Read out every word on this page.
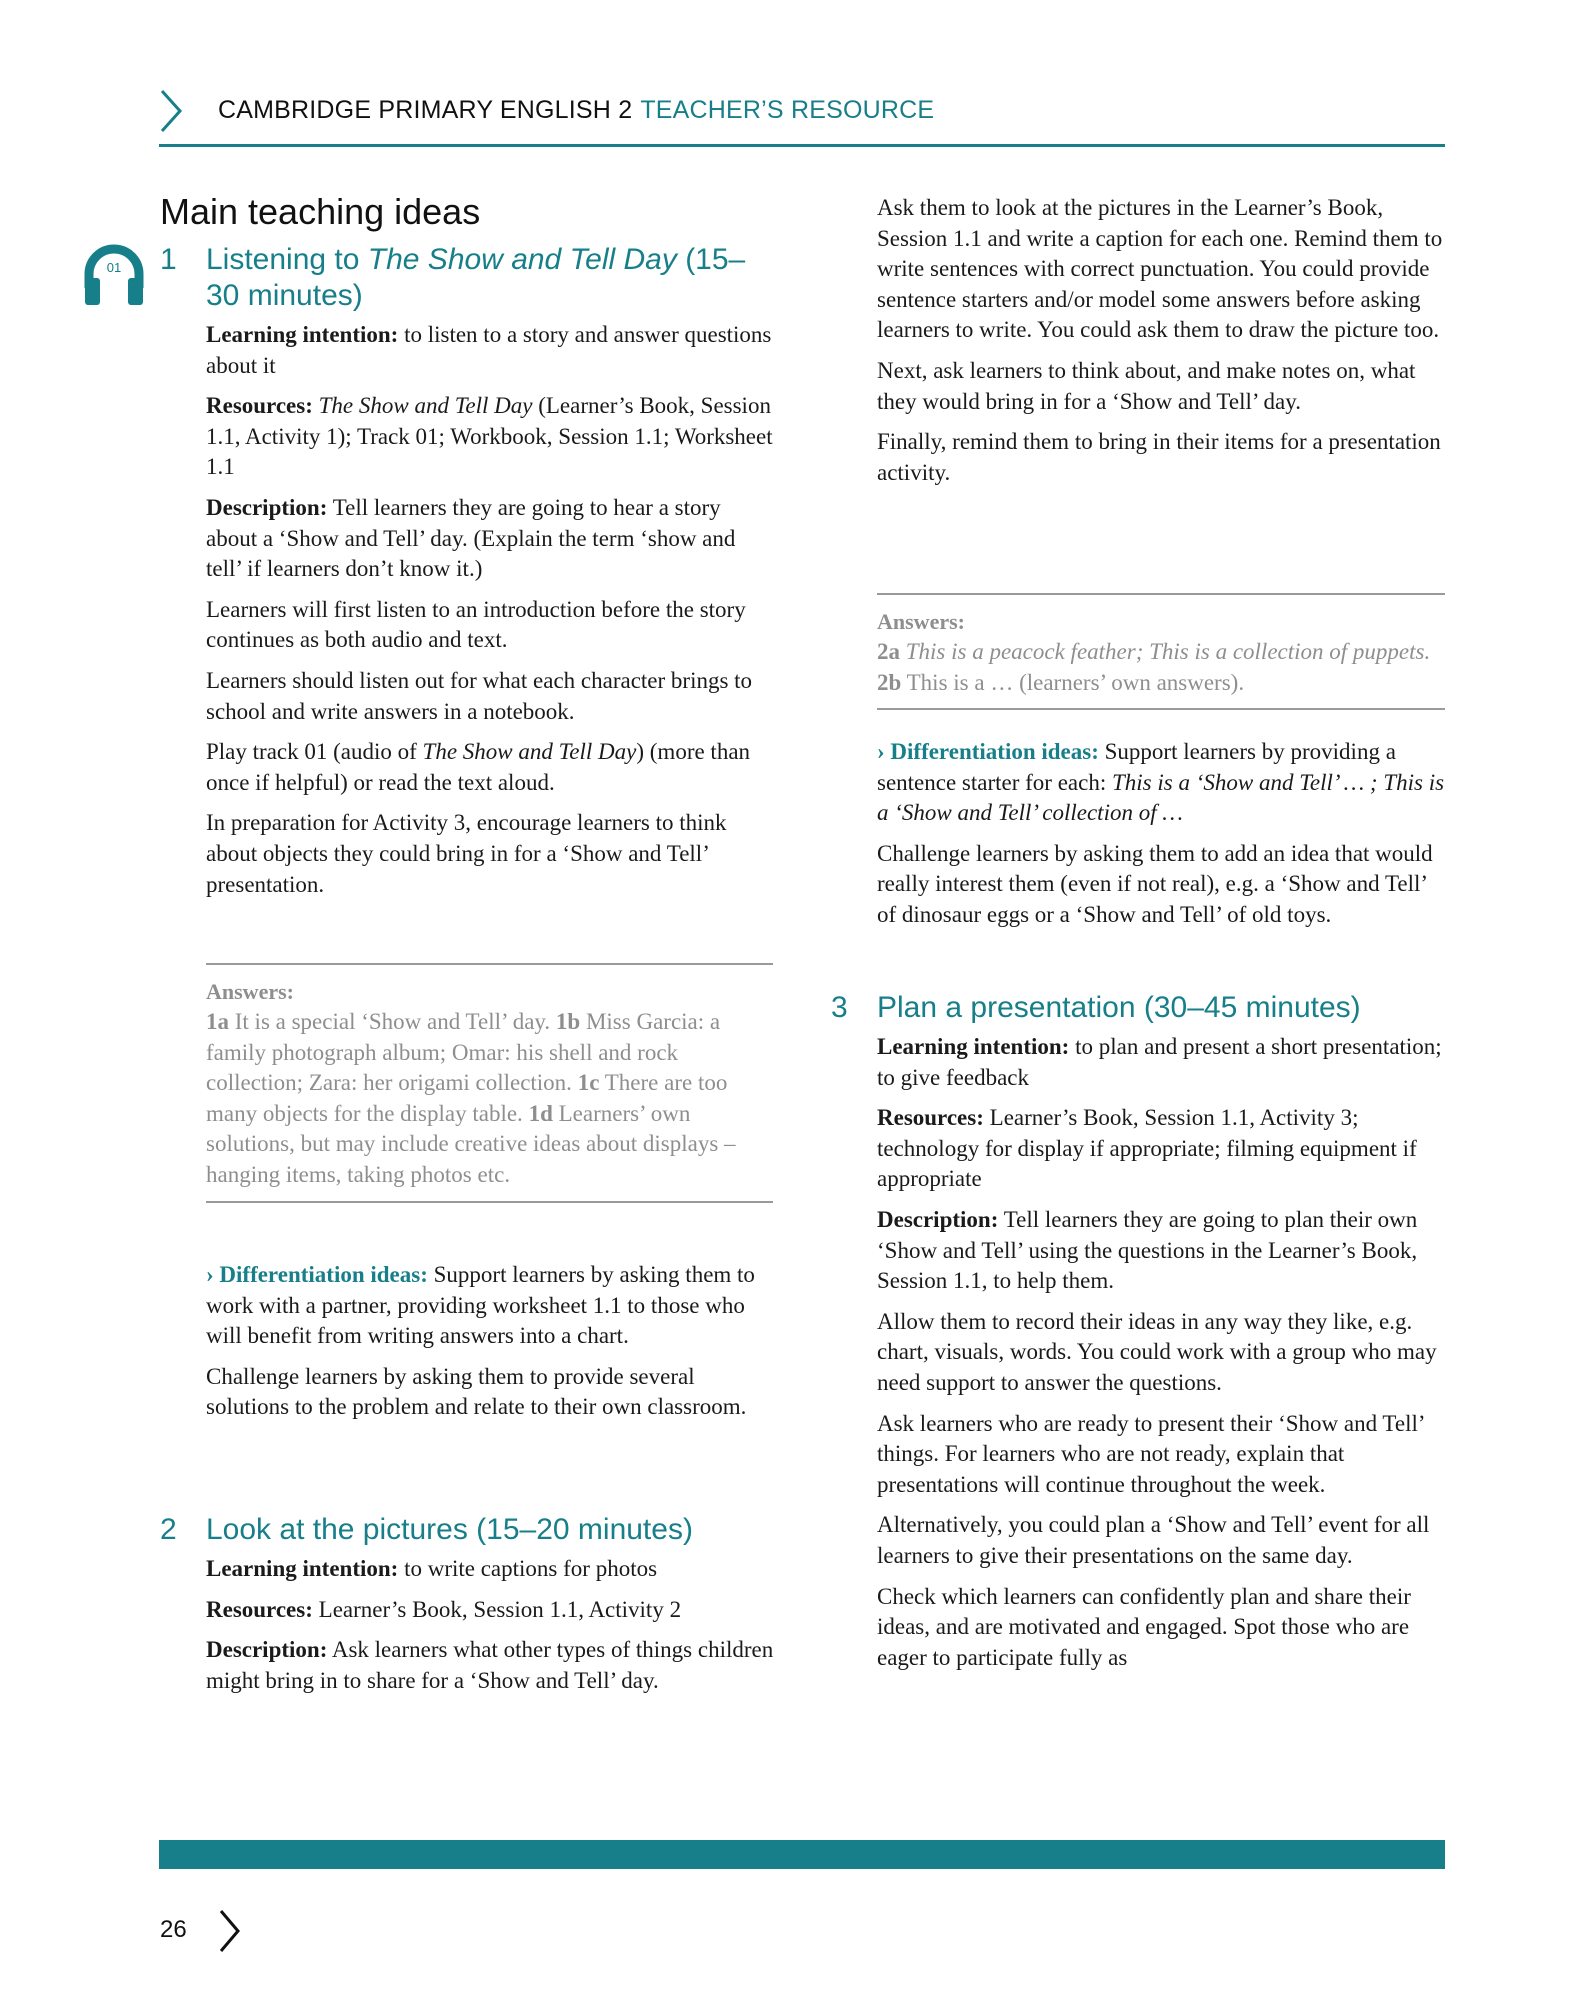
CAMBRIDGE PRIMARY ENGLISH 2 TEACHER’S RESOURCE
01
Main teaching ideas
1 Listening to The Show and Tell Day (15–30 minutes)

Learning intention: to listen to a story and answer questions about it

Resources: The Show and Tell Day (Learner’s Book, Session 1.1, Activity 1); Track 01; Workbook, Session 1.1; Worksheet 1.1

Description: Tell learners they are going to hear a story about a ‘Show and Tell’ day. (Explain the term ‘show and tell’ if learners don’t know it.)

Learners will first listen to an introduction before the story continues as both audio and text.

Learners should listen out for what each character brings to school and write answers in a notebook.

Play track 01 (audio of The Show and Tell Day) (more than once if helpful) or read the text aloud.

In preparation for Activity 3, encourage learners to think about objects they could bring in for a ‘Show and Tell’ presentation.

Answers:

1a It is a special ‘Show and Tell’ day. 1b Miss Garcia: a family photograph album; Omar: his shell and rock collection; Zara: her origami collection. 1c There are too many objects for the display table. 1d Learners’ own solutions, but may include creative ideas about displays – hanging items, taking photos etc.

› Differentiation ideas: Support learners by asking them to work with a partner, providing worksheet 1.1 to those who will benefit from writing answers into a chart.

Challenge learners by asking them to provide several solutions to the problem and relate to their own classroom.

2 Look at the pictures (15–20 minutes)

Learning intention: to write captions for photos

Resources: Learner’s Book, Session 1.1, Activity 2

Description: Ask learners what other types of things children might bring in to share for a ‘Show and Tell’ day.

Ask them to look at the pictures in the Learner’s Book, Session 1.1 and write a caption for each one. Remind them to write sentences with correct punctuation. You could provide sentence starters and/or model some answers before asking learners to write. You could ask them to draw the picture too.

Next, ask learners to think about, and make notes on, what they would bring in for a ‘Show and Tell’ day.

Finally, remind them to bring in their items for a presentation activity.

Answers:

2a This is a peacock feather; This is a collection of puppets. 2b This is a … (learners’ own answers).

› Differentiation ideas: Support learners by providing a sentence starter for each: This is a ‘Show and Tell’ … ; This is a ‘Show and Tell’ collection of …

Challenge learners by asking them to add an idea that would really interest them (even if not real), e.g. a ‘Show and Tell’ of dinosaur eggs or a ‘Show and Tell’ of old toys.

3 Plan a presentation (30–45 minutes)

Learning intention: to plan and present a short presentation; to give feedback

Resources: Learner’s Book, Session 1.1, Activity 3; technology for display if appropriate; filming equipment if appropriate

Description: Tell learners they are going to plan their own ‘Show and Tell’ using the questions in the Learner’s Book, Session 1.1, to help them.

Allow them to record their ideas in any way they like, e.g. chart, visuals, words. You could work with a group who may need support to answer the questions.

Ask learners who are ready to present their ‘Show and Tell’ things. For learners who are not ready, explain that presentations will continue throughout the week.

Alternatively, you could plan a ‘Show and Tell’ event for all learners to give their presentations on the same day.

Check which learners can confidently plan and share their ideas, and are motivated and engaged. Spot those who are eager to participate fully as

26
